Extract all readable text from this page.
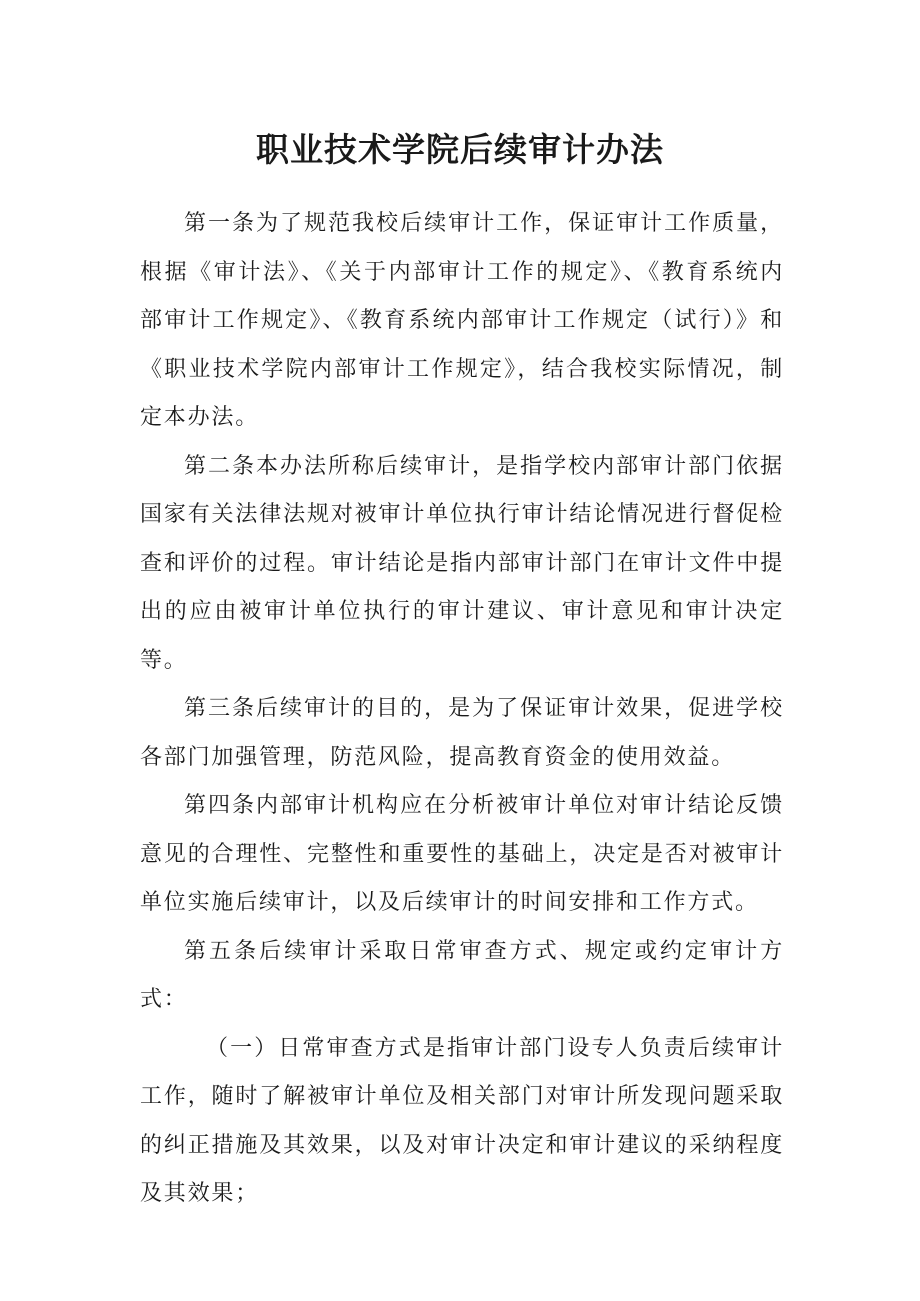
职业技术学院后续审计办法

第一条为了规范我校后续审计工作，保证审计工作质量，根据《审计法》、《关于内部审计工作的规定》、《教育系统内部审计工作规定》、《教育系统内部审计工作规定（试行）》和《职业技术学院内部审计工作规定》，结合我校实际情况，制定本办法。

第二条本办法所称后续审计，是指学校内部审计部门依据国家有关法律法规对被审计单位执行审计结论情况进行督促检查和评价的过程。审计结论是指内部审计部门在审计文件中提出的应由被审计单位执行的审计建议、审计意见和审计决定等。

第三条后续审计的目的，是为了保证审计效果，促进学校各部门加强管理，防范风险，提高教育资金的使用效益。

第四条内部审计机构应在分析被审计单位对审计结论反馈意见的合理性、完整性和重要性的基础上，决定是否对被审计单位实施后续审计，以及后续审计的时间安排和工作方式。

第五条后续审计采取日常审查方式、规定或约定审计方式：

（一）日常审查方式是指审计部门设专人负责后续审计工作，随时了解被审计单位及相关部门对审计所发现问题采取的纠正措施及其效果，以及对审计决定和审计建议的采纳程度及其效果；
